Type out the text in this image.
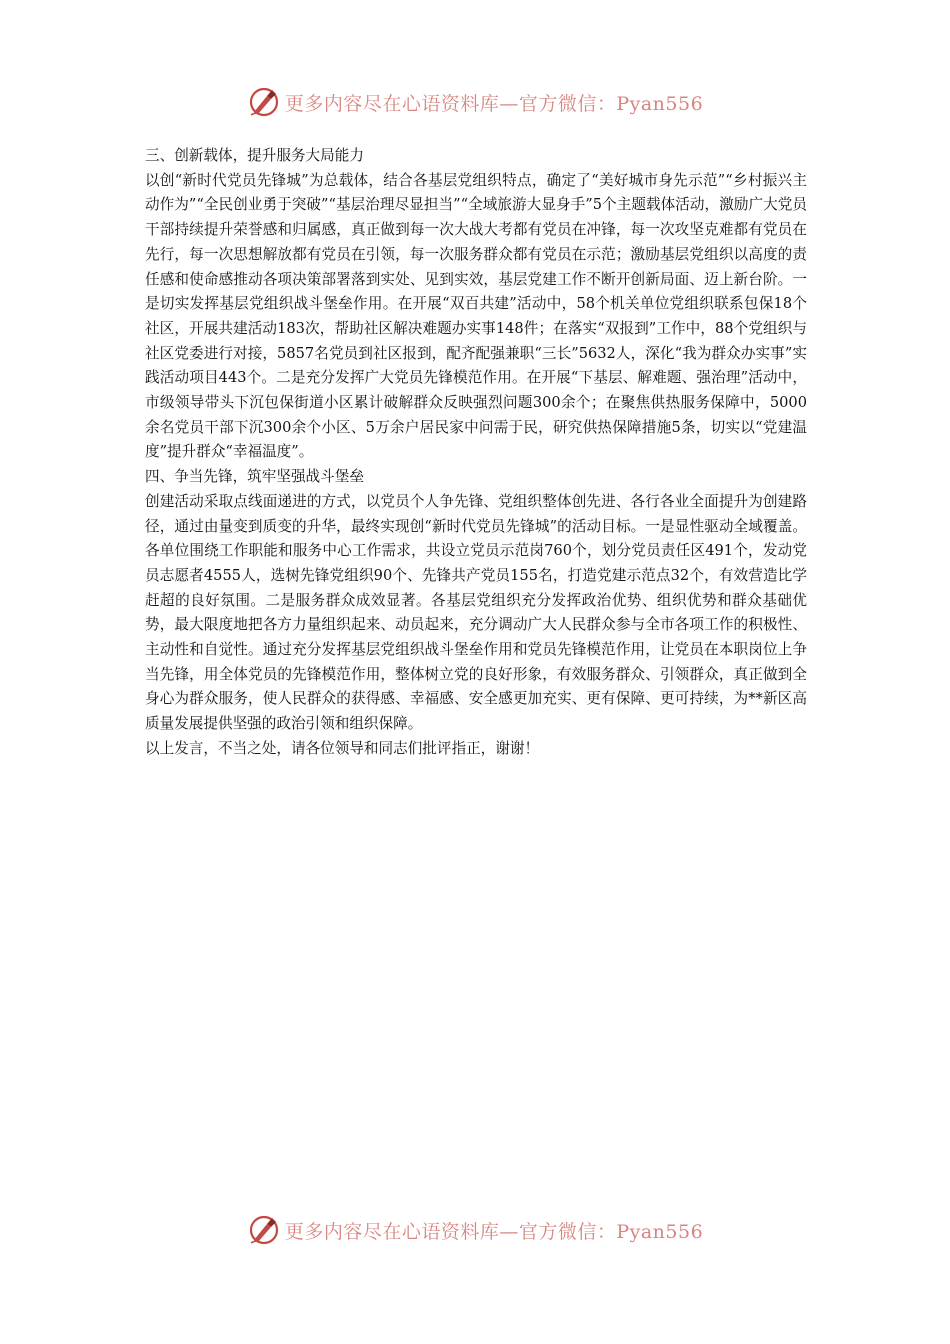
更多内容尽在心语资料库—官方微信：Pyan556

三、创新载体，提升服务大局能力

以创“新时代党员先锋城”为总载体，结合各基层党组织特点，确定了“美好城市身先示范”“乡村振兴主动作为”“全民创业勇于突破”“基层治理尽显担当”“全域旅游大显身手”5个主题载体活动，激励广大党员干部持续提升荣誉感和归属感，真正做到每一次大战大考都有党员在冲锋，每一次攻坚克难都有党员在先行，每一次思想解放都有党员在引领，每一次服务群众都有党员在示范；激励基层党组织以高度的责任感和使命感推动各项决策部署落到实处、见到实效，基层党建工作不断开创新局面、迈上新台阶。一是切实发挥基层党组织战斗堡垒作用。在开展“双百共建”活动中，58个机关单位党组织联系包保18个社区，开展共建活动183次，帮助社区解决难题办实事148件；在落实“双报到”工作中，88个党组织与社区党委进行对接，5857名党员到社区报到，配齐配强兼职“三长”5632人，深化“我为群众办实事”实践活动项目443个。二是充分发挥广大党员先锋模范作用。在开展“下基层、解难题、强治理”活动中，市级领导带头下沉包保街道小区累计破解群众反映强烈问题300余个；在聚焦供热服务保障中，5000余名党员干部下沉300余个小区、5万余户居民家中问需于民，研究供热保障措施5条，切实以“党建温度”提升群众“幸福温度”。

四、争当先锋，筑牢坚强战斗堡垒

创建活动采取点线面递进的方式，以党员个人争先锋、党组织整体创先进、各行各业全面提升为创建路径，通过由量变到质变的升华，最终实现创“新时代党员先锋城”的活动目标。一是显性驱动全域覆盖。各单位围绕工作职能和服务中心工作需求，共设立党员示范岗760个，划分党员责任区491个，发动党员志愿者4555人，选树先锋党组织90个、先锋共产党员155名，打造党建示范点32个，有效营造比学赶超的良好氛围。二是服务群众成效显著。各基层党组织充分发挥政治优势、组织优势和群众基础优势，最大限度地把各方力量组织起来、动员起来，充分调动广大人民群众参与全市各项工作的积极性、主动性和自觉性。通过充分发挥基层党组织战斗堡垒作用和党员先锋模范作用，让党员在本职岗位上争当先锋，用全体党员的先锋模范作用，整体树立党的良好形象，有效服务群众、引领群众，真正做到全身心为群众服务，使人民群众的获得感、幸福感、安全感更加充实、更有保障、更可持续，为**新区高质量发展提供坚强的政治引领和组织保障。

以上发言，不当之处，请各位领导和同志们批评指正，谢谢！

更多内容尽在心语资料库—官方微信：Pyan556
